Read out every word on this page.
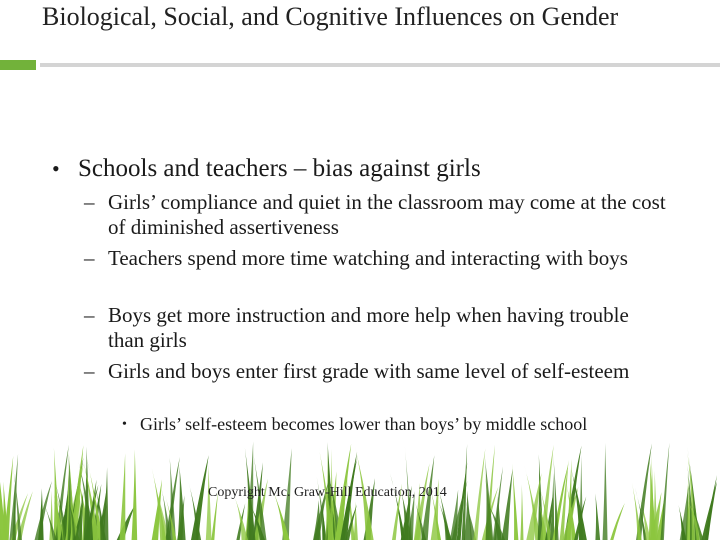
Biological, Social, and Cognitive Influences on Gender
• Schools and teachers – bias against girls
– Girls’ compliance and quiet in the classroom may come at the cost of diminished assertiveness
– Teachers spend more time watching and interacting with boys
– Boys get more instruction and more help when having trouble than girls
– Girls and boys enter first grade with same level of self-esteem
• Girls’ self-esteem becomes lower than boys’ by middle school
Copyright Mc. Graw-Hill Education, 2014
